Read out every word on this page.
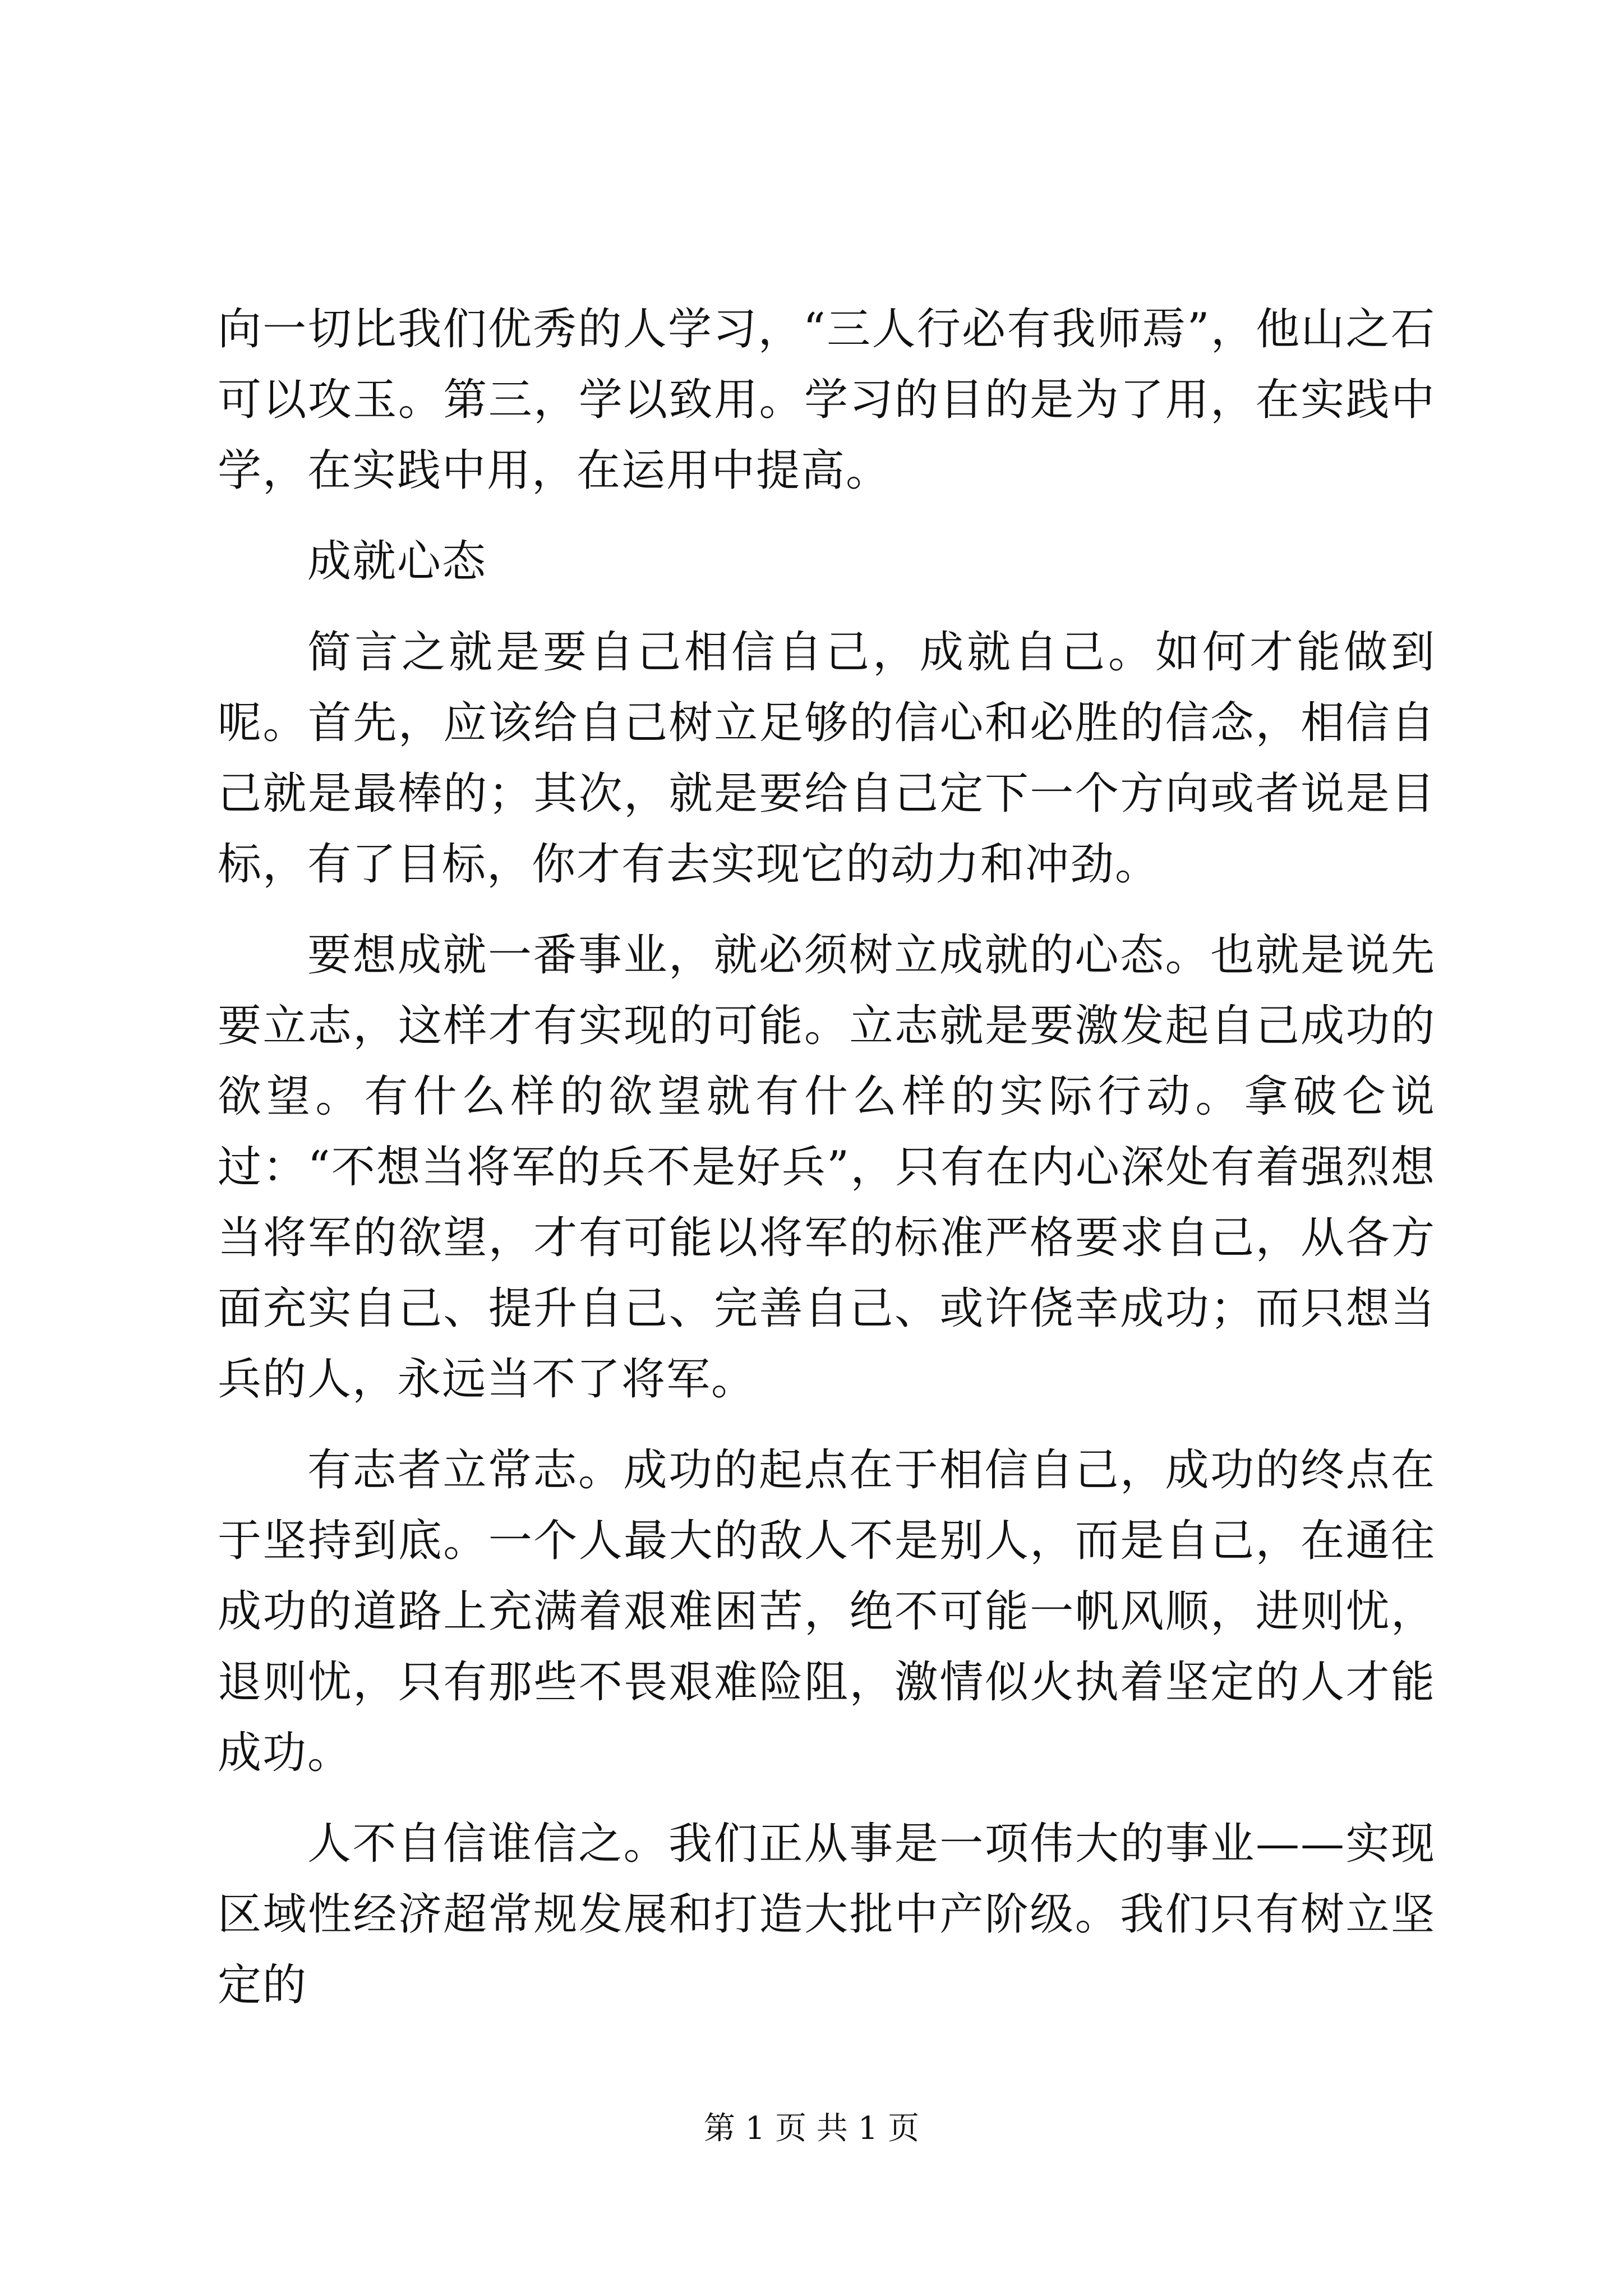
向一切比我们优秀的人学习，“三人行必有我师焉”，他山之石可以攻玉。第三，学以致用。学习的目的是为了用，在实践中学，在实践中用，在运用中提高。

成就心态

简言之就是要自己相信自己，成就自己。如何才能做到呢。首先，应该给自己树立足够的信心和必胜的信念，相信自己就是最棒的；其次，就是要给自己定下一个方向或者说是目标，有了目标，你才有去实现它的动力和冲劲。

要想成就一番事业，就必须树立成就的心态。也就是说先要立志，这样才有实现的可能。立志就是要激发起自己成功的欲望。有什么样的欲望就有什么样的实际行动。拿破仑说过：“不想当将军的兵不是好兵”，只有在内心深处有着强烈想当将军的欲望，才有可能以将军的标准严格要求自己，从各方面充实自己、提升自己、完善自己、或许侥幸成功；而只想当兵的人，永远当不了将军。

有志者立常志。成功的起点在于相信自己，成功的终点在于坚持到底。一个人最大的敌人不是别人，而是自己，在通往成功的道路上充满着艰难困苦，绝不可能一帆风顺，进则忧，退则忧，只有那些不畏艰难险阻，激情似火执着坚定的人才能成功。

人不自信谁信之。我们正从事是一项伟大的事业——实现区域性经济超常规发展和打造大批中产阶级。我们只有树立坚定的

第 1 页 共 1 页
